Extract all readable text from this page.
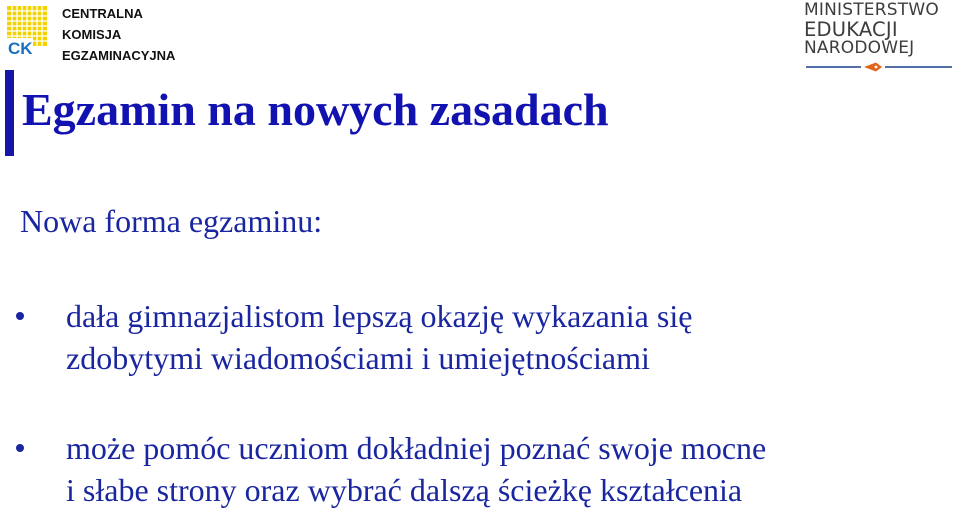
CK
CENTRALNA
KOMISJA
EGZAMINACYJNA
MINISTERSTWO
EDUKACJI
NARODOWEJ
Egzamin na nowych zasadach

Nowa forma egzaminu:

dała gimnazjalistom lepszą okazję wykazania się
zdobytymi wiadomościami i umiejętnościami
może pomóc uczniom dokładniej poznać swoje mocne
i słabe strony oraz wybrać dalszą ścieżkę kształcenia
